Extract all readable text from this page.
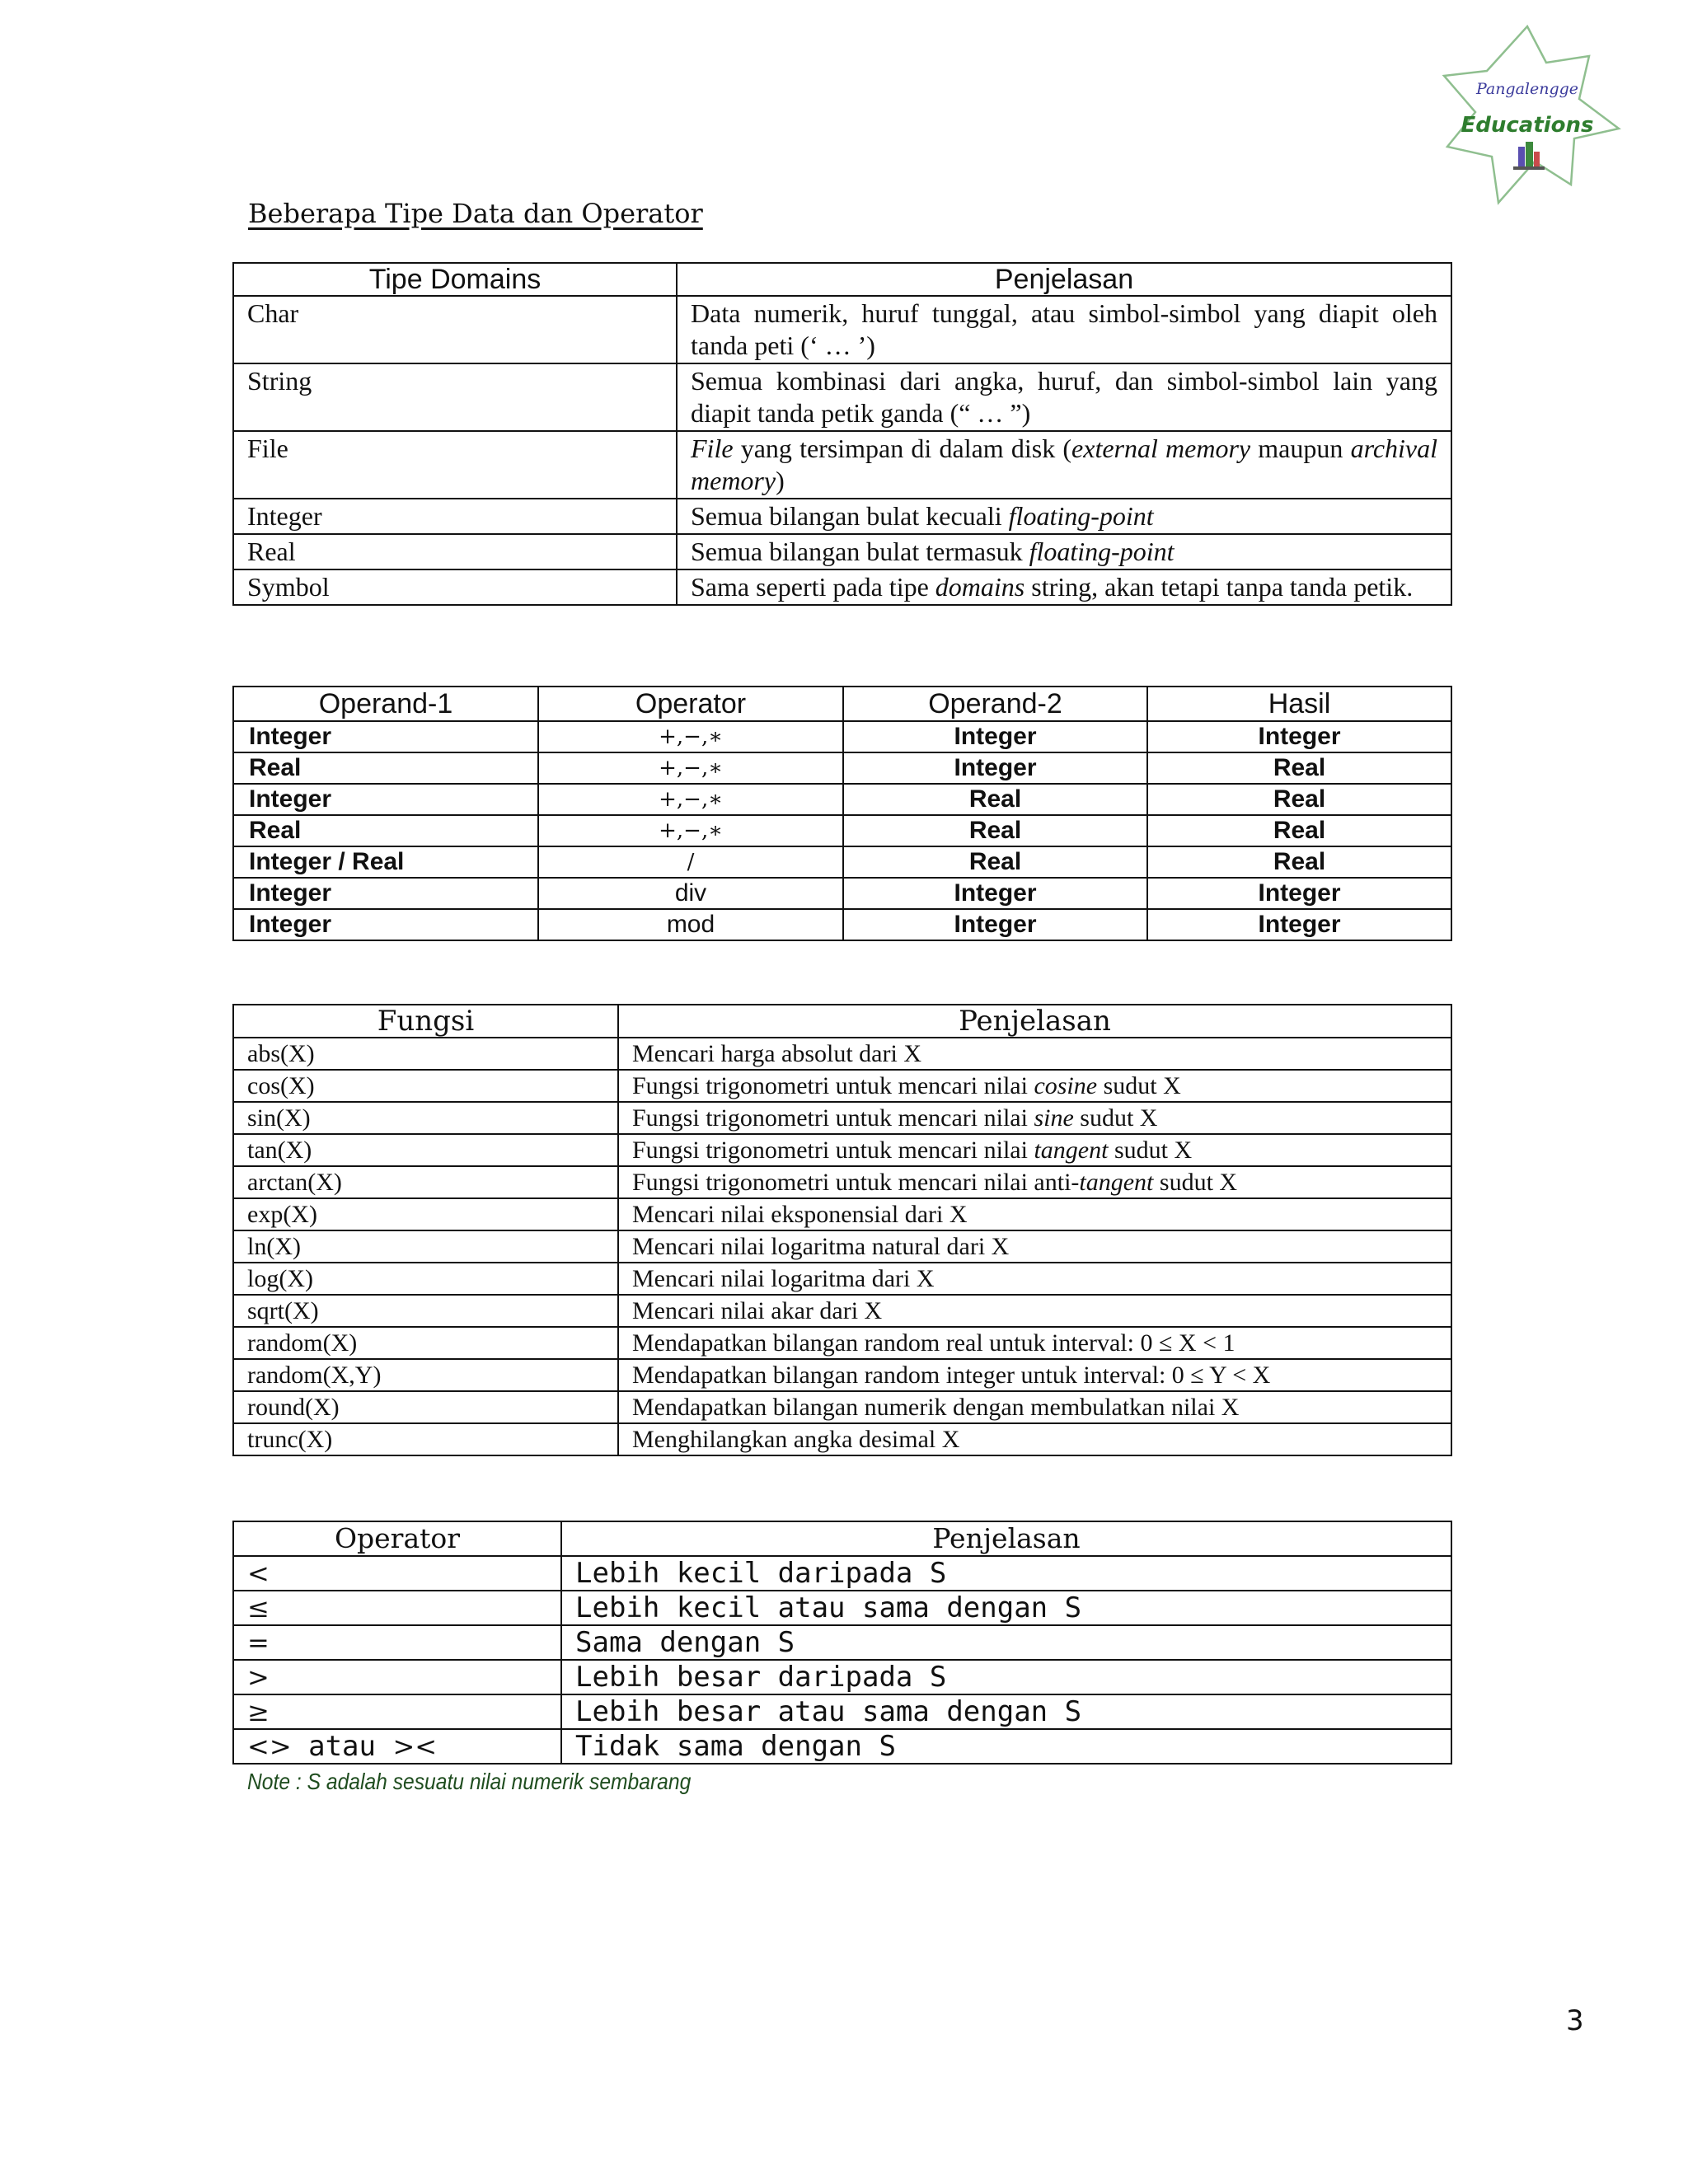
Pangalengge
Educations
Beberapa Tipe Data dan Operator
Tipe Domains	Penjelasan
Char	Data numerik, huruf tunggal, atau simbol-simbol yang diapit oleh tanda peti (‘ … ’)
String	Semua kombinasi dari angka, huruf, dan simbol-simbol lain yang diapit tanda petik ganda (“ … ”)
File	File yang tersimpan di dalam disk (external memory maupun archival memory)
Integer	Semua bilangan bulat kecuali floating-point
Real	Semua bilangan bulat termasuk floating-point
Symbol	Sama seperti pada tipe domains string, akan tetapi tanpa tanda petik.
Operand-1	Operator	Operand-2	Hasil
Integer	+,−,∗	Integer	Integer
Real	+,−,∗	Integer	Real
Integer	+,−,∗	Real	Real
Real	+,−,∗	Real	Real
Integer / Real	/	Real	Real
Integer	div	Integer	Integer
Integer	mod	Integer	Integer
Fungsi	Penjelasan
abs(X)	Mencari harga absolut dari X
cos(X)	Fungsi trigonometri untuk mencari nilai cosine sudut X
sin(X)	Fungsi trigonometri untuk mencari nilai sine sudut X
tan(X)	Fungsi trigonometri untuk mencari nilai tangent sudut X
arctan(X)	Fungsi trigonometri untuk mencari nilai anti-tangent sudut X
exp(X)	Mencari nilai eksponensial dari X
ln(X)	Mencari nilai logaritma natural dari X
log(X)	Mencari nilai logaritma dari X
sqrt(X)	Mencari nilai akar dari X
random(X)	Mendapatkan bilangan random real untuk interval: 0 ≤ X < 1
random(X,Y)	Mendapatkan bilangan random integer untuk interval: 0 ≤ Y < X
round(X)	Mendapatkan bilangan numerik dengan membulatkan nilai X
trunc(X)	Menghilangkan angka desimal X
Operator	Penjelasan
<	Lebih kecil daripada S
≤	Lebih kecil atau sama dengan S
=	Sama dengan S
>	Lebih besar daripada S
≥	Lebih besar atau sama dengan S
<> atau ><	Tidak sama dengan S

Note : S adalah sesuatu nilai numerik sembarang

3
